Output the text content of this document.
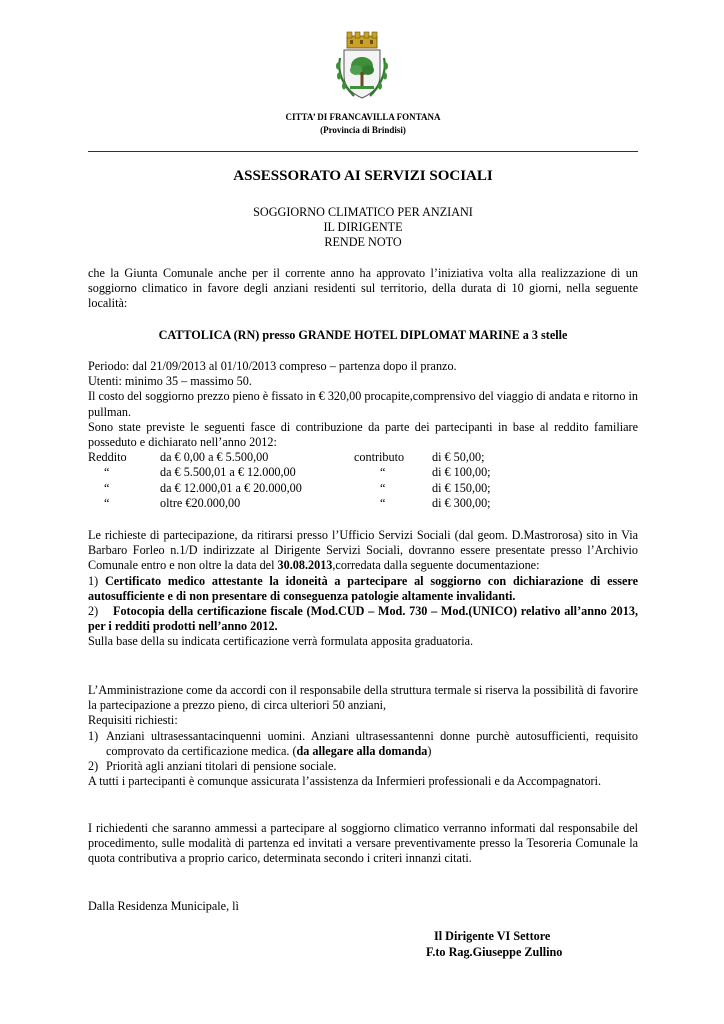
CITTA’ DI FRANCAVILLA FONTANA
(Provincia di Brindisi)
ASSESSORATO AI SERVIZI SOCIALI
SOGGIORNO CLIMATICO PER ANZIANI
IL DIRIGENTE
RENDE NOTO
che la Giunta Comunale anche per il corrente anno ha approvato l’iniziativa volta alla realizzazione di un soggiorno climatico in favore degli anziani residenti sul territorio, della durata di 10 giorni, nella seguente località:
CATTOLICA (RN) presso GRANDE HOTEL DIPLOMAT MARINE a 3 stelle

Periodo: dal 21/09/2013 al 01/10/2013 compreso – partenza dopo il pranzo.

Utenti: minimo 35 – massimo 50.

Il costo del soggiorno prezzo pieno è fissato in € 320,00 procapite,comprensivo del viaggio di andata e ritorno in pullman.

Sono state previste le seguenti fasce di contribuzione da parte dei partecipanti in base al reddito familiare posseduto e dichiarato nell’anno 2012:

Reddito	da € 0,00 a € 5.500,00	contributo	di € 50,00;
“	da € 5.500,01 a € 12.000,00	“	di € 100,00;
“	da € 12.000,01 a € 20.000,00	“	di € 150,00;
“	oltre €20.000,00	“	di € 300,00;

Le richieste di partecipazione, da ritirarsi presso l’Ufficio Servizi Sociali (dal geom. D.Mastrorosa) sito in Via Barbaro Forleo n.1/D indirizzate al Dirigente Servizi Sociali, dovranno essere presentate presso l’Archivio Comunale entro e non oltre la data del 30.08.2013,corredata dalla seguente documentazione:

1) Certificato medico attestante la idoneità a partecipare al soggiorno con dichiarazione di essere autosufficiente e di non presentare di conseguenza patologie altamente invalidanti.

2) Fotocopia della certificazione fiscale (Mod.CUD – Mod. 730 – Mod.(UNICO) relativo all’anno 2013, per i redditi prodotti nell’anno 2012.

Sulla base della su indicata certificazione verrà formulata apposita graduatoria.

L’Amministrazione come da accordi con il responsabile della struttura termale si riserva la possibilità di favorire la partecipazione a prezzo pieno, di circa ulteriori 50 anziani,

Requisiti richiesti:

1) Anziani ultrasessantacinquenni uomini. Anziani ultrasessantenni donne purchè autosufficienti, requisito comprovato da certificazione medica. (da allegare alla domanda)
2) Priorità agli anziani titolari di pensione sociale.

A tutti i partecipanti è comunque assicurata l’assistenza da Infermieri professionali e da Accompagnatori.

I richiedenti che saranno ammessi a partecipare al soggiorno climatico verranno informati dal responsabile del procedimento, sulle modalità di partenza ed invitati a versare preventivamente presso la Tesoreria Comunale la quota contributiva a proprio carico, determinata secondo i criteri innanzi citati.
Dalla Residenza Municipale, lì
Il Dirigente VI Settore
F.to Rag.Giuseppe Zullino
